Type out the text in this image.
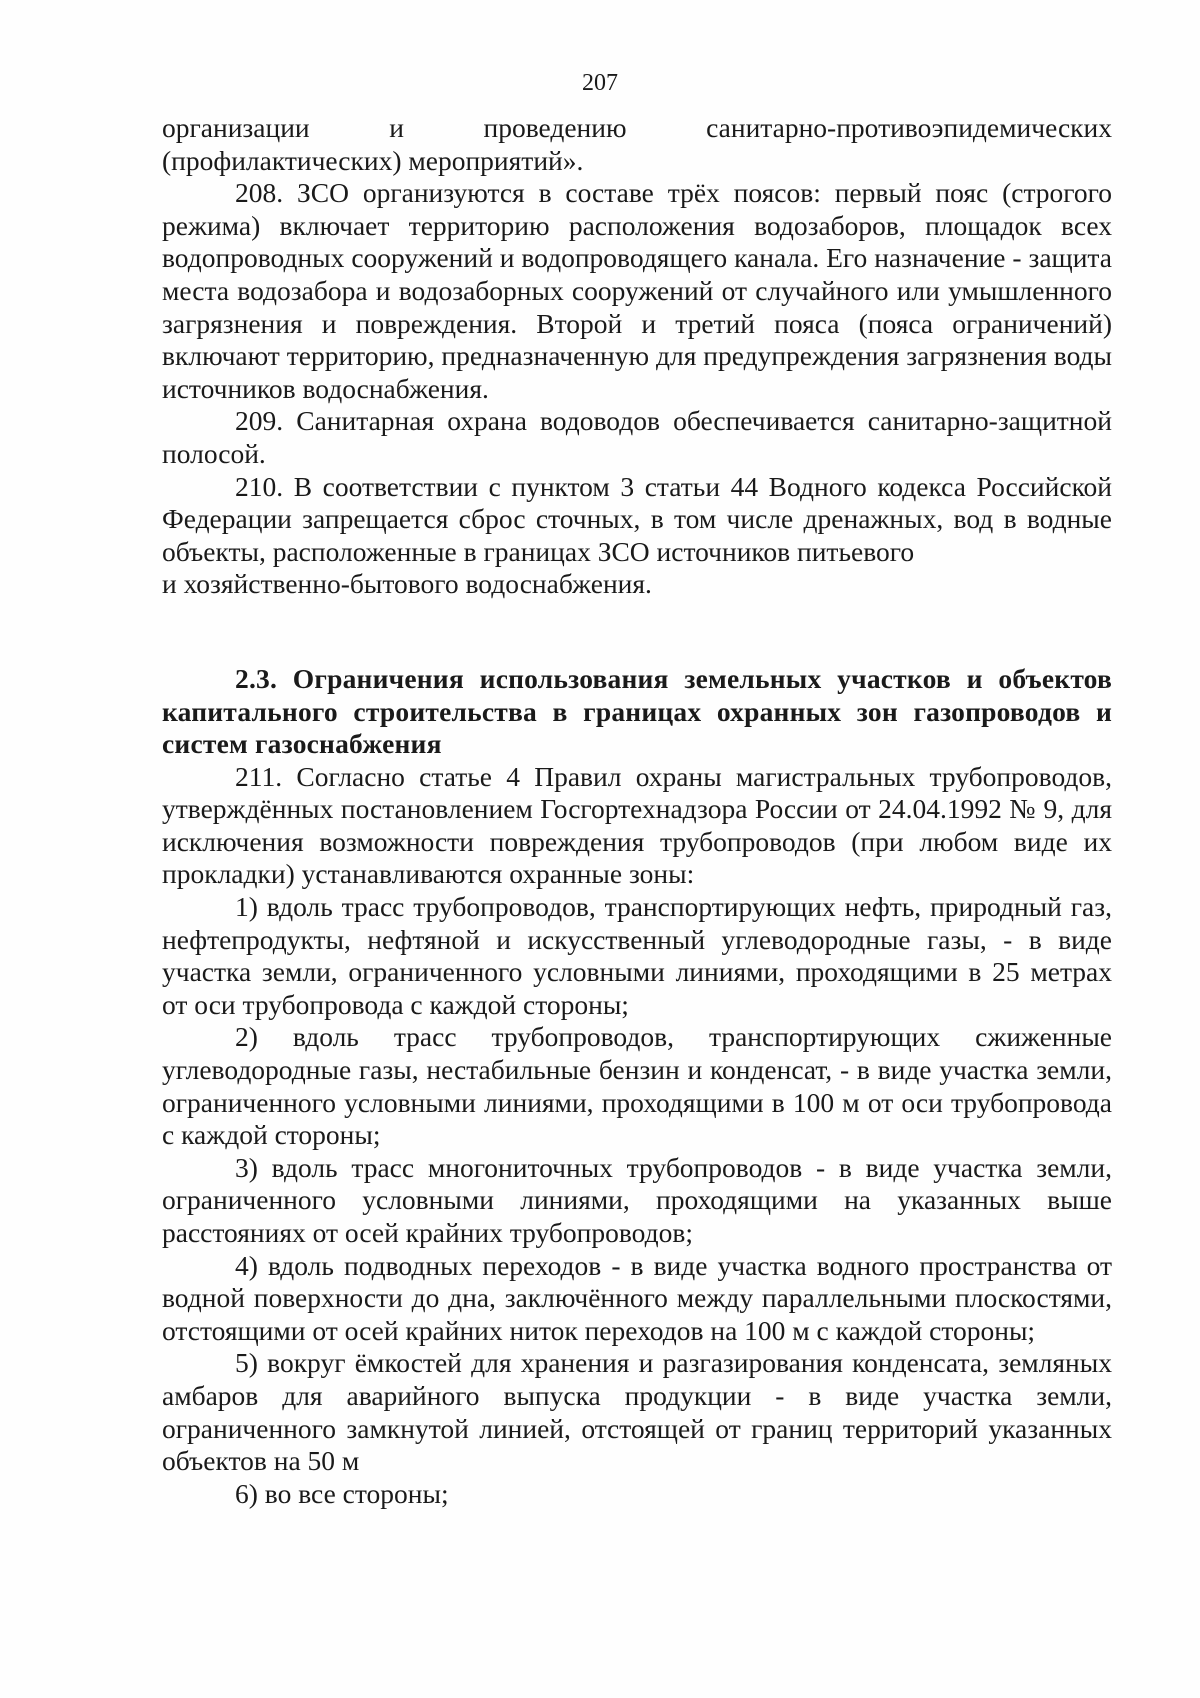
207

организации и проведению санитарно-противоэпидемических

(профилактических) мероприятий».

208. ЗСО организуются в составе трёх поясов: первый пояс (строгого режима) включает территорию расположения водозаборов, площадок всех водопроводных сооружений и водопроводящего канала. Его назначение - защита места водозабора и водозаборных сооружений от случайного или умышленного загрязнения и повреждения. Второй и третий пояса (пояса ограничений) включают территорию, предназначенную для предупреждения загрязнения воды источников водоснабжения.

209. Санитарная охрана водоводов обеспечивается санитарно-защитной полосой.

210. В соответствии с пунктом 3 статьи 44 Водного кодекса Российской Федерации запрещается сброс сточных, в том числе дренажных, вод в водные объекты, расположенные в границах ЗСО источников питьевого

и хозяйственно-бытового водоснабжения.

2.3. Ограничения использования земельных участков и объектов капитального строительства в границах охранных зон газопроводов и систем газоснабжения

211. Согласно статье 4 Правил охраны магистральных трубопроводов, утверждённых постановлением Госгортехнадзора России от 24.04.1992 № 9, для исключения возможности повреждения трубопроводов (при любом виде их прокладки) устанавливаются охранные зоны:

1) вдоль трасс трубопроводов, транспортирующих нефть, природный газ, нефтепродукты, нефтяной и искусственный углеводородные газы, - в виде участка земли, ограниченного условными линиями, проходящими в 25 метрах от оси трубопровода с каждой стороны;

2) вдоль трасс трубопроводов, транспортирующих сжиженные углеводородные газы, нестабильные бензин и конденсат, - в виде участка земли, ограниченного условными линиями, проходящими в 100 м от оси трубопровода с каждой стороны;

3) вдоль трасс многониточных трубопроводов - в виде участка земли, ограниченного условными линиями, проходящими на указанных выше расстояниях от осей крайних трубопроводов;

4) вдоль подводных переходов - в виде участка водного пространства от водной поверхности до дна, заключённого между параллельными плоскостями, отстоящими от осей крайних ниток переходов на 100 м с каждой стороны;

5) вокруг ёмкостей для хранения и разгазирования конденсата, земляных амбаров для аварийного выпуска продукции - в виде участка земли, ограниченного замкнутой линией, отстоящей от границ территорий указанных объектов на 50 м

6) во все стороны;
